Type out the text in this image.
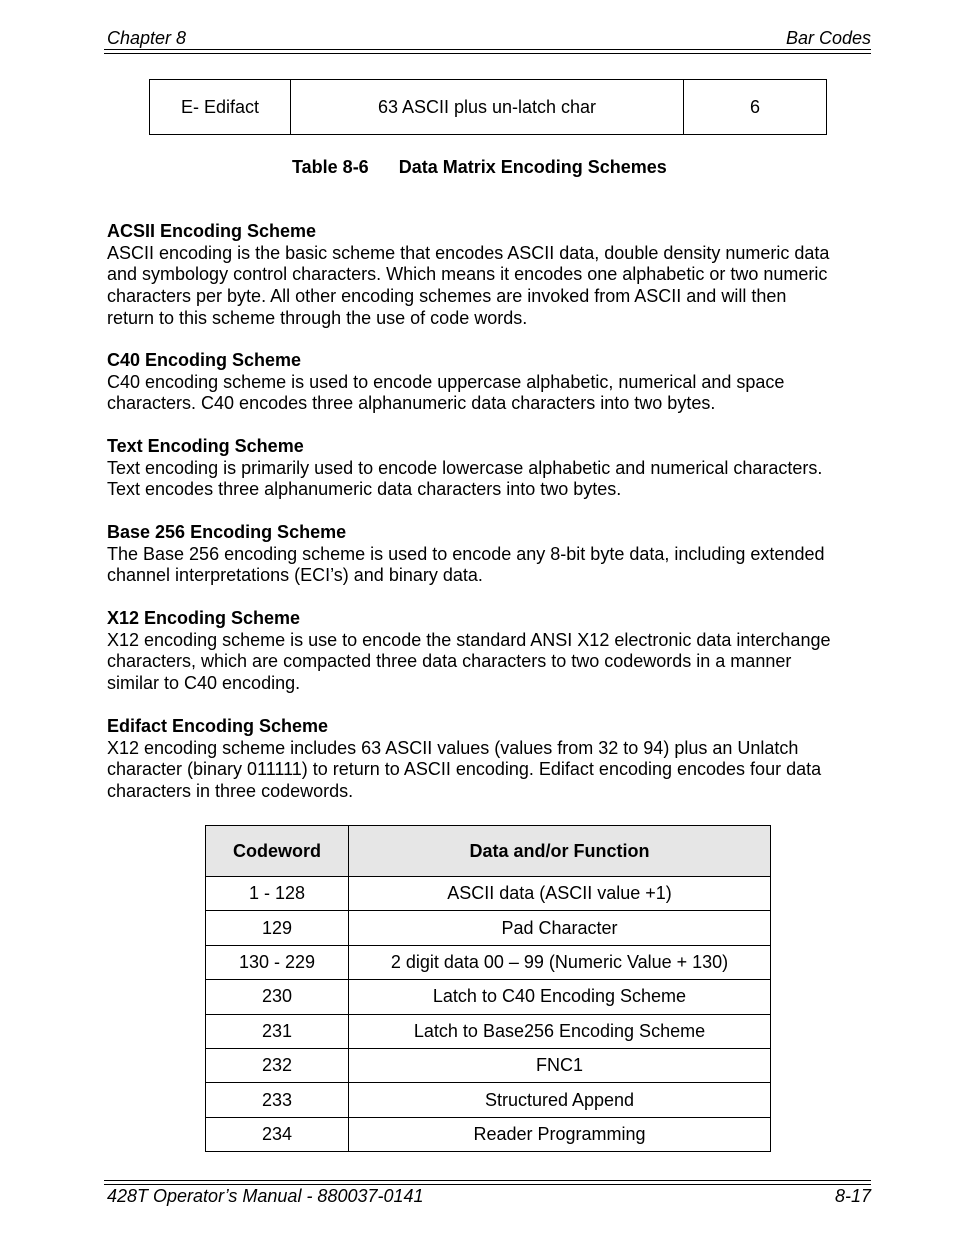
Chapter 8	Bar Codes
E- Edifact	63 ASCII plus un-latch char	6
Table 8-6      Data Matrix Encoding Schemes
ACSII Encoding Scheme

ASCII encoding is the basic scheme that encodes ASCII data, double density numeric data
and symbology control characters. Which means it encodes one alphabetic or two numeric
characters per byte. All other encoding schemes are invoked from ASCII and will then
return to this scheme through the use of code words.

C40 Encoding Scheme

C40 encoding scheme is used to encode uppercase alphabetic, numerical and space
characters. C40 encodes three alphanumeric data characters into two bytes.

Text Encoding Scheme

Text encoding is primarily used to encode lowercase alphabetic and numerical characters.
Text encodes three alphanumeric data characters into two bytes.

Base 256 Encoding Scheme

The Base 256 encoding scheme is used to encode any 8-bit byte data, including extended
channel interpretations (ECI’s) and binary data.

X12 Encoding Scheme

X12 encoding scheme is use to encode the standard ANSI X12 electronic data interchange
characters, which are compacted three data characters to two codewords in a manner
similar to C40 encoding.

Edifact Encoding Scheme

X12 encoding scheme includes 63 ASCII values (values from 32 to 94) plus an Unlatch
character (binary 011111) to return to ASCII encoding. Edifact encoding encodes four data
characters in three codewords.

Codeword	Data and/or Function
1 - 128	ASCII data (ASCII value +1)
129	Pad Character
130 - 229	2 digit data 00 – 99 (Numeric Value + 130)
230	Latch to C40 Encoding Scheme
231	Latch to Base256 Encoding Scheme
232	FNC1
233	Structured Append
234	Reader Programming
428T Operator’s Manual - 880037-0141	8-17
